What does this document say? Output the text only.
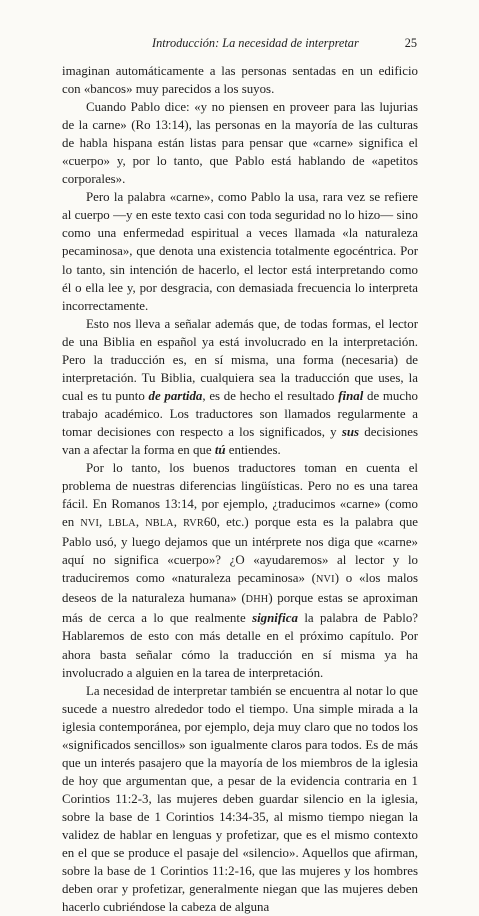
Introducción: La necesidad de interpretar	25

imaginan automáticamente a las personas sentadas en un edificio con «bancos» muy parecidos a los suyos.

Cuando Pablo dice: «y no piensen en proveer para las lujurias de la carne» (Ro 13:14), las personas en la mayoría de las culturas de habla hispana están listas para pensar que «carne» significa el «cuerpo» y, por lo tanto, que Pablo está hablando de «apetitos corporales».

Pero la palabra «carne», como Pablo la usa, rara vez se refiere al cuerpo —y en este texto casi con toda seguridad no lo hizo— sino como una enfermedad espiritual a veces llamada «la naturaleza pecaminosa», que denota una existencia totalmente egocéntrica. Por lo tanto, sin intención de hacerlo, el lector está interpretando como él o ella lee y, por desgracia, con demasiada frecuencia lo interpreta incorrectamente.

Esto nos lleva a señalar además que, de todas formas, el lector de una Biblia en español ya está involucrado en la interpretación. Pero la traducción es, en sí misma, una forma (necesaria) de interpretación. Tu Biblia, cualquiera sea la traducción que uses, la cual es tu punto de partida, es de hecho el resultado final de mucho trabajo académico. Los traductores son llamados regularmente a tomar decisiones con respecto a los significados, y sus decisiones van a afectar la forma en que tú entiendes.

Por lo tanto, los buenos traductores toman en cuenta el problema de nuestras diferencias lingüísticas. Pero no es una tarea fácil. En Romanos 13:14, por ejemplo, ¿traducimos «carne» (como en NVI, LBLA, NBLA, RVR60, etc.) porque esta es la palabra que Pablo usó, y luego dejamos que un intérprete nos diga que «carne» aquí no significa «cuerpo»? ¿O «ayudaremos» al lector y lo traduciremos como «naturaleza pecaminosa» (NVI) o «los malos deseos de la naturaleza humana» (DHH) porque estas se aproximan más de cerca a lo que realmente significa la palabra de Pablo? Hablaremos de esto con más detalle en el próximo capítulo. Por ahora basta señalar cómo la traducción en sí misma ya ha involucrado a alguien en la tarea de interpretación.

La necesidad de interpretar también se encuentra al notar lo que sucede a nuestro alrededor todo el tiempo. Una simple mirada a la iglesia contemporánea, por ejemplo, deja muy claro que no todos los «significados sencillos» son igualmente claros para todos. Es de más que un interés pasajero que la mayoría de los miembros de la iglesia de hoy que argumentan que, a pesar de la evidencia contraria en 1 Corintios 11:2-3, las mujeres deben guardar silencio en la iglesia, sobre la base de 1 Corintios 14:34-35, al mismo tiempo niegan la validez de hablar en lenguas y profetizar, que es el mismo contexto en el que se produce el pasaje del «silencio». Aquellos que afirman, sobre la base de 1 Corintios 11:2-16, que las mujeres y los hombres deben orar y profetizar, generalmente niegan que las mujeres deben hacerlo cubriéndose la cabeza de alguna
